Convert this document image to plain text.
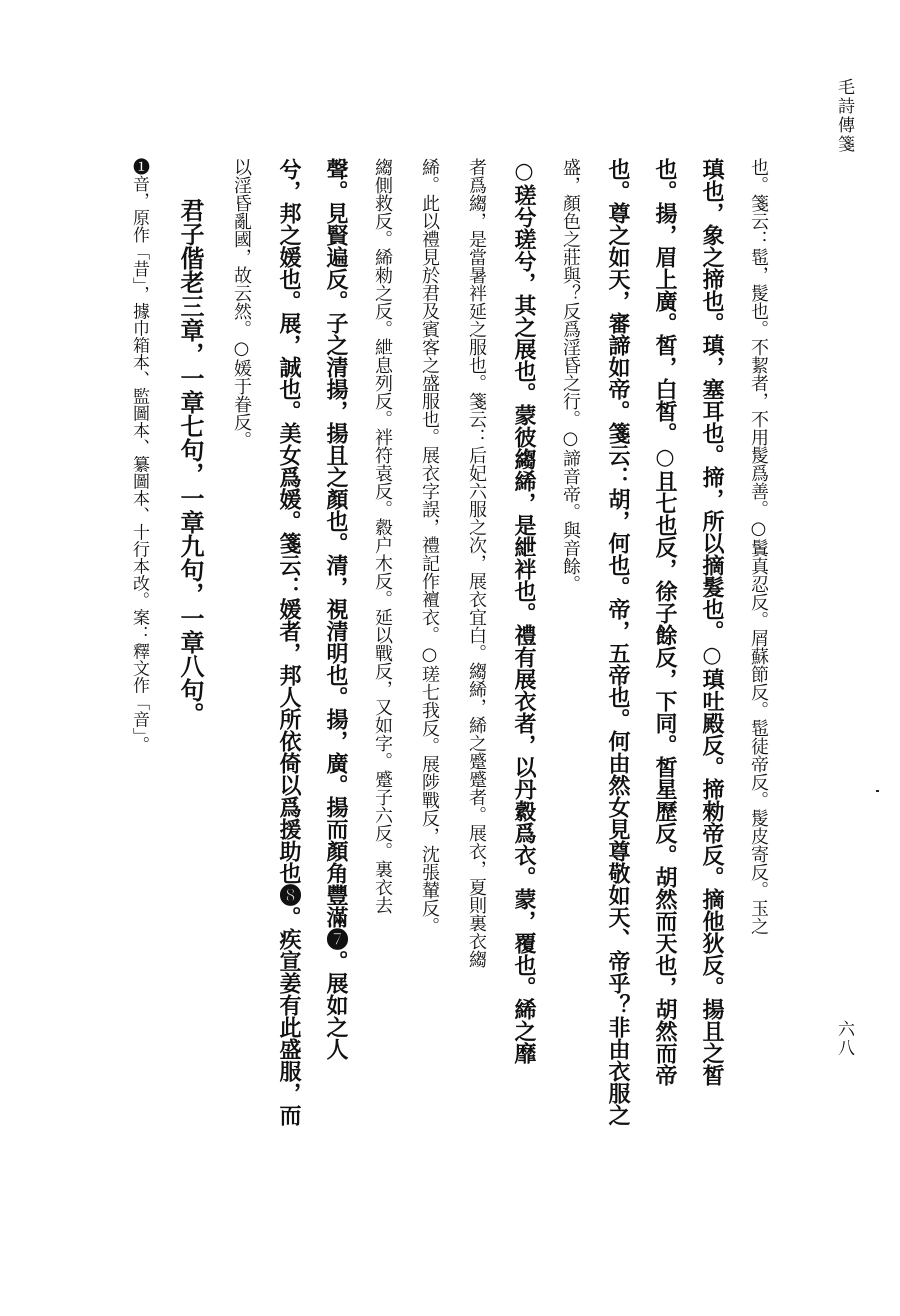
毛詩傳箋
六八
也。箋云：髢，髲也。不絜者，不用髲爲善。○鬒真忍反。屑蘇節反。髢徒帝反。髲皮寄反。玉之
瑱也，象之揥也。瑱，塞耳也。揥，所以摘髮也。○瑱吐殿反。揥勑帝反。摘他狄反。揚且之皙
也。揚，眉上廣。皙，白皙。○且七也反，徐子餘反，下同。皙星歷反。胡然而天也，胡然而帝
也。尊之如天，審諦如帝。箋云：胡，何也。帝，五帝也。何由然女見尊敬如天、帝乎？非由衣服之
盛，顏色之莊與？反爲淫昏之行。○諦音帝。與音餘。
○瑳兮瑳兮，其之展也。蒙彼縐絺，是紲袢也。禮有展衣者，以丹縠爲衣。蒙，覆也。絺之靡
者爲縐，是當暑袢延之服也。箋云：后妃六服之次，展衣宜白。縐絺，絺之蹙蹙者。展衣，夏則裏衣縐
絺。此以禮見於君及賓客之盛服也。展衣字誤，禮記作襢衣。○瑳七我反。展陟戰反，沈張輦反。
縐側救反。絺勑之反。紲息列反。袢符袁反。縠户木反。延以戰反，又如字。蹙子六反。裏衣去
聲。見賢遍反。子之清揚，揚且之顏也。清，視清明也。揚，廣。揚而顏角豐滿❼。展如之人
兮，邦之媛也。展，誠也。美女爲媛。箋云：媛者，邦人所依倚以爲援助也❽。疾宣姜有此盛服，而
以淫昏亂國，故云然。○媛于眷反。
君子偕老三章，一章七句，一章九句，一章八句。
❶音，原作「昔」，據巾箱本、監圖本、纂圖本、十行本改。案：釋文作「音」。
